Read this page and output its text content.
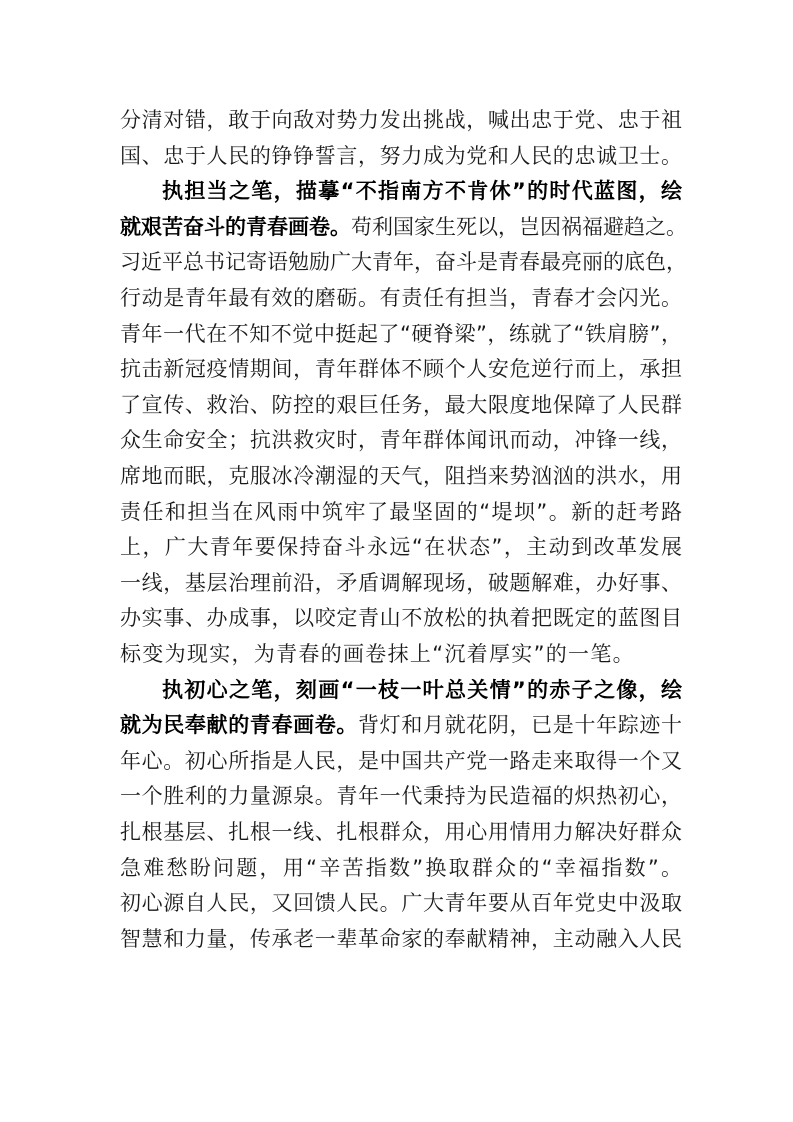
分清对错，敢于向敌对势力发出挑战，喊出忠于党、忠于祖
国、忠于人民的铮铮誓言，努力成为党和人民的忠诚卫士。
执担当之笔，描摹“不指南方不肯休”的时代蓝图，绘
就艰苦奋斗的青春画卷。苟利国家生死以，岂因祸福避趋之。
习近平总书记寄语勉励广大青年，奋斗是青春最亮丽的底色，
行动是青年最有效的磨砺。有责任有担当，青春才会闪光。
青年一代在不知不觉中挺起了“硬脊梁”，练就了“铁肩膀”，
抗击新冠疫情期间，青年群体不顾个人安危逆行而上，承担
了宣传、救治、防控的艰巨任务，最大限度地保障了人民群
众生命安全；抗洪救灾时，青年群体闻讯而动，冲锋一线，
席地而眠，克服冰冷潮湿的天气，阻挡来势汹汹的洪水，用
责任和担当在风雨中筑牢了最坚固的“堤坝”。新的赶考路
上，广大青年要保持奋斗永远“在状态”，主动到改革发展
一线，基层治理前沿，矛盾调解现场，破题解难，办好事、
办实事、办成事，以咬定青山不放松的执着把既定的蓝图目
标变为现实，为青春的画卷抹上“沉着厚实”的一笔。
执初心之笔，刻画“一枝一叶总关情”的赤子之像，绘
就为民奉献的青春画卷。背灯和月就花阴，已是十年踪迹十
年心。初心所指是人民，是中国共产党一路走来取得一个又
一个胜利的力量源泉。青年一代秉持为民造福的炽热初心，
扎根基层、扎根一线、扎根群众，用心用情用力解决好群众
急难愁盼问题，用“辛苦指数”换取群众的“幸福指数”。
初心源自人民，又回馈人民。广大青年要从百年党史中汲取
智慧和力量，传承老一辈革命家的奉献精神，主动融入人民
